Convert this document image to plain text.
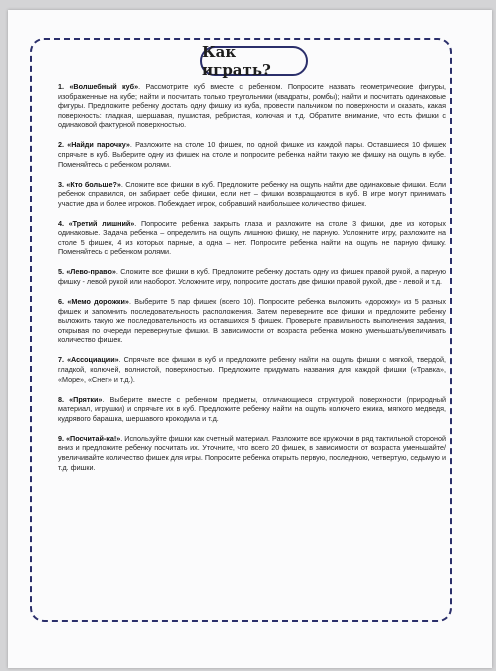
Как играть?

1. «Волшебный куб». Рассмотрите куб вместе с ребенком. Попросите назвать геометрические фигуры, изображенные на кубе; найти и посчитать только треугольники (квадраты, ромбы); найти и посчитать одинаковые фигуры. Предложите ребенку достать одну фишку из куба, провести пальчиком по поверхности и сказать, какая поверхность: гладкая, шершавая, пушистая, ребристая, колючая и т.д. Обратите внимание, что есть фишки с одинаковой фактурной поверхностью.

2. «Найди парочку». Разложите на столе 10 фишек, по одной фишке из каждой пары. Оставшиеся 10 фишек спрячьте в куб. Выберите одну из фишек на столе и попросите ребенка найти такую же фишку на ощупь в кубе. Поменяйтесь с ребенком ролями.

3. «Кто больше?». Сложите все фишки в куб. Предложите ребенку на ощупь найти две одинаковые фишки. Если ребенок справился, он забирает себе фишки, если нет – фишки возвращаются в куб. В игре могут принимать участие два и более игроков. Побеждает игрок, собравший наибольшее количество фишек.

4. «Третий лишний». Попросите ребенка закрыть глаза и разложите на столе 3 фишки, две из которых одинаковые. Задача ребенка – определить на ощупь лишнюю фишку, не парную. Усложните игру, разложите на столе 5 фишек, 4 из которых парные, а одна – нет. Попросите ребенка найти на ощупь не парную фишку. Поменяйтесь с ребенком ролями.

5. «Лево-право». Сложите все фишки в куб. Предложите ребенку достать одну из фишек правой рукой, а парную фишку - левой рукой или наоборот. Усложните игру, попросите достать две фишки правой рукой, две - левой и т.д.

6. «Мемо дорожки». Выберите 5 пар фишек (всего 10). Попросите ребенка выложить «дорожку» из 5 разных фишек и запомнить последовательность расположения. Затем переверните все фишки и предложите ребенку выложить такую же последовательность из оставшихся 5 фишек. Проверьте правильность выполнения задания, открывая по очереди перевернутые фишки. В зависимости от возраста ребенка можно уменьшать/увеличивать количество фишек.

7. «Ассоциации». Спрячьте все фишки в куб и предложите ребенку найти на ощупь фишки с мягкой, твердой, гладкой, колючей, волнистой, поверхностью. Предложите придумать названия для каждой фишки («Травка», «Море», «Снег» и т.д.).

8. «Прятки». Выберите вместе с ребенком предметы, отличающиеся структурой поверхности (природный материал, игрушки) и спрячьте их в куб. Предложите ребенку найти на ощупь колючего ежика, мягкого медведя, кудрявого барашка, шершавого крокодила и т.д.

9. «Посчитай-ка!». Используйте фишки как счетный материал. Разложите все кружочки в ряд тактильной стороной вниз и предложите ребенку посчитать их. Уточните, что всего 20 фишек, в зависимости от возраста уменьшайте/увеличивайте количество фишек для игры. Попросите ребенка открыть первую, последнюю, четвертую, седьмую и т.д. фишки.
